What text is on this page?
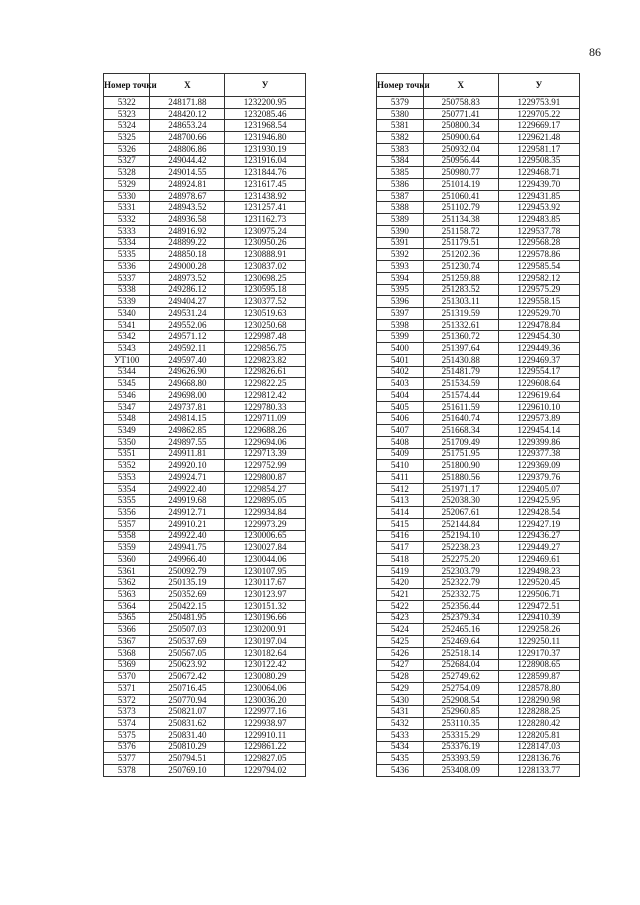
86
Номер точки	X	У
5322	248171.88	1232200.95
5323	248420.12	1232085.46
5324	248653.24	1231968.54
5325	248700.66	1231946.80
5326	248806.86	1231930.19
5327	249044.42	1231916.04
5328	249014.55	1231844.76
5329	248924.81	1231617.45
5330	248978.67	1231438.92
5331	248943.52	1231257.41
5332	248936.58	1231162.73
5333	248916.92	1230975.24
5334	248899.22	1230950.26
5335	248850.18	1230888.91
5336	249000.28	1230837.02
5337	248973.52	1230698.25
5338	249286.12	1230595.18
5339	249404.27	1230377.52
5340	249531.24	1230519.63
5341	249552.06	1230250.68
5342	249571.12	1229987.48
5343	249592.11	1229856.75
УТ100	249597.40	1229823.82
5344	249626.90	1229826.61
5345	249668.80	1229822.25
5346	249698.00	1229812.42
5347	249737.81	1229780.33
5348	249814.15	1229711.09
5349	249862.85	1229688.26
5350	249897.55	1229694.06
5351	249911.81	1229713.39
5352	249920.10	1229752.99
5353	249924.71	1229800.87
5354	249922.40	1229854.27
5355	249919.68	1229895.05
5356	249912.71	1229934.84
5357	249910.21	1229973.29
5358	249922.40	1230006.65
5359	249941.75	1230027.84
5360	249966.40	1230044.06
5361	250092.79	1230107.95
5362	250135.19	1230117.67
5363	250352.69	1230123.97
5364	250422.15	1230151.32
5365	250481.95	1230196.66
5366	250507.03	1230200.91
5367	250537.69	1230197.04
5368	250567.05	1230182.64
5369	250623.92	1230122.42
5370	250672.42	1230080.29
5371	250716.45	1230064.06
5372	250770.94	1230036.20
5373	250821.07	1229977.16
5374	250831.62	1229938.97
5375	250831.40	1229910.11
5376	250810.29	1229861.22
5377	250794.51	1229827.05
5378	250769.10	1229794.02
Номер точки	X	У
5379	250758.83	1229753.91
5380	250771.41	1229705.22
5381	250800.34	1229669.17
5382	250900.64	1229621.48
5383	250932.04	1229581.17
5384	250956.44	1229508.35
5385	250980.77	1229468.71
5386	251014.19	1229439.70
5387	251060.41	1229431.85
5388	251102.79	1229453.92
5389	251134.38	1229483.85
5390	251158.72	1229537.78
5391	251179.51	1229568.28
5392	251202.36	1229578.86
5393	251230.74	1229585.54
5394	251259.88	1229582.12
5395	251283.52	1229575.29
5396	251303.11	1229558.15
5397	251319.59	1229529.70
5398	251332.61	1229478.84
5399	251360.72	1229454.30
5400	251397.64	1229449.36
5401	251430.88	1229469.37
5402	251481.79	1229554.17
5403	251534.59	1229608.64
5404	251574.44	1229619.64
5405	251611.59	1229610.10
5406	251640.74	1229573.89
5407	251668.34	1229454.14
5408	251709.49	1229399.86
5409	251751.95	1229377.38
5410	251800.90	1229369.09
5411	251880.56	1229379.76
5412	251971.17	1229405.07
5413	252038.30	1229425.95
5414	252067.61	1229428.54
5415	252144.84	1229427.19
5416	252194.10	1229436.27
5417	252238.23	1229449.27
5418	252275.20	1229469.61
5419	252303.79	1229498.23
5420	252322.79	1229520.45
5421	252332.75	1229506.71
5422	252356.44	1229472.51
5423	252379.34	1229410.39
5424	252465.16	1229258.26
5425	252469.64	1229250.11
5426	252518.14	1229170.37
5427	252684.04	1228908.65
5428	252749.62	1228599.87
5429	252754.09	1228578.80
5430	252908.54	1228290.98
5431	252960.85	1228288.25
5432	253110.35	1228280.42
5433	253315.29	1228205.81
5434	253376.19	1228147.03
5435	253393.59	1228136.76
5436	253408.09	1228133.77
